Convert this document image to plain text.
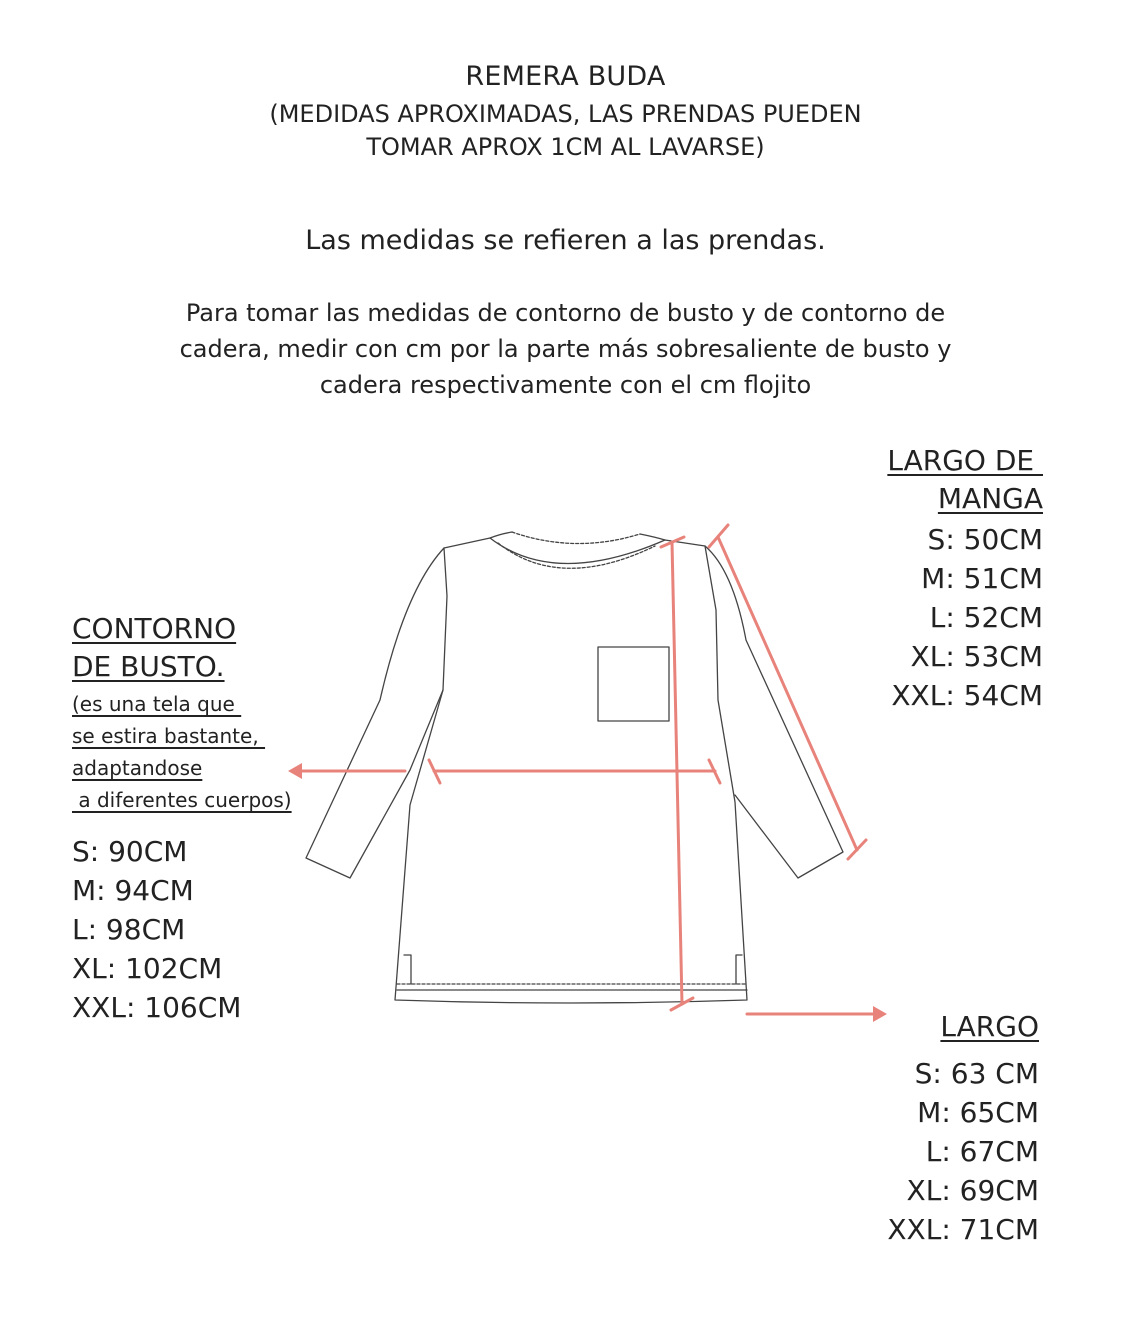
REMERA BUDA
(MEDIDAS APROXIMADAS, LAS PRENDAS PUEDEN
TOMAR APROX 1CM AL LAVARSE)
Las medidas se refieren a las prendas.
Para tomar las medidas de contorno de busto y de contorno de
cadera, medir con cm por la parte más sobresaliente de busto y
cadera respectivamente con el cm flojito
LARGO DE
MANGA
S: 50CM
M: 51CM
L: 52CM
XL: 53CM
XXL: 54CM
CONTORNO
DE BUSTO.
(es una tela que
se estira bastante,
adaptandose
a diferentes cuerpos)
S: 90CM
M: 94CM
L: 98CM
XL: 102CM
XXL: 106CM
LARGO
S: 63 CM
M: 65CM
L: 67CM
XL: 69CM
XXL: 71CM
